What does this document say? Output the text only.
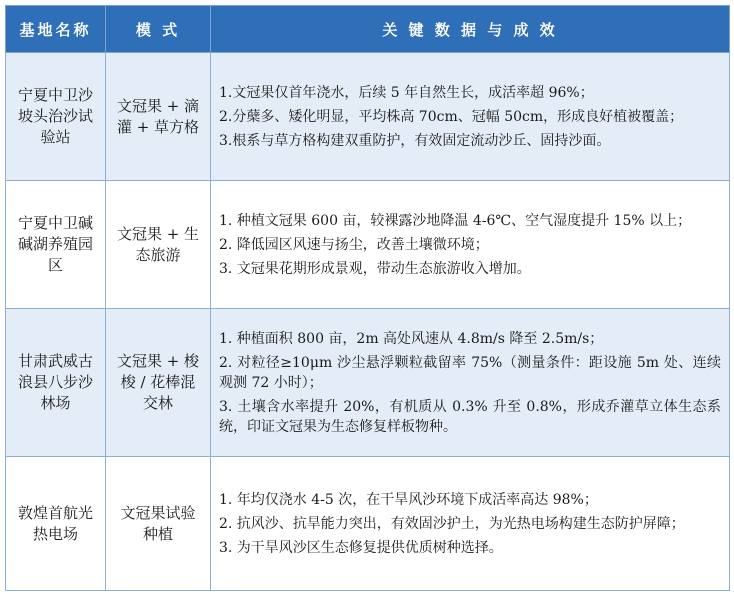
基地名称	模 式	关 键 数 据 与 成 效
宁夏中卫沙坡头治沙试验站	文冠果 + 滴灌 + 草方格	1.文冠果仅首年浇水，后续 5 年自然生长，成活率超 96%；
2.分蘖多、矮化明显，平均株高 70cm、冠幅 50cm，形成良好植被覆盖；
3.根系与草方格构建双重防护，有效固定流动沙丘、固持沙面。

宁夏中卫碱碱湖养殖园区	文冠果 + 生态旅游	1. 种植文冠果 600 亩，较裸露沙地降温 4-6℃、空气湿度提升 15% 以上；
2. 降低园区风速与扬尘，改善土壤微环境；
3. 文冠果花期形成景观，带动生态旅游收入增加。

甘肃武威古浪县八步沙林场	文冠果 + 梭梭 / 花棒混交林	1. 种植面积 800 亩，2m 高处风速从 4.8m/s 降至 2.5m/s；
2. 对粒径≥10μm 沙尘悬浮颗粒截留率 75%（测量条件：距设施 5m 处、连续观测 72 小时）；
3. 土壤含水率提升 20%，有机质从 0.3% 升至 0.8%，形成乔灌草立体生态系统，印证文冠果为生态修复样板物种。

敦煌首航光热电场	文冠果试验种植	1. 年均仅浇水 4-5 次，在干旱风沙环境下成活率高达 98%；
2. 抗风沙、抗旱能力突出，有效固沙护土，为光热电场构建生态防护屏障；
3. 为干旱风沙区生态修复提供优质树种选择。
